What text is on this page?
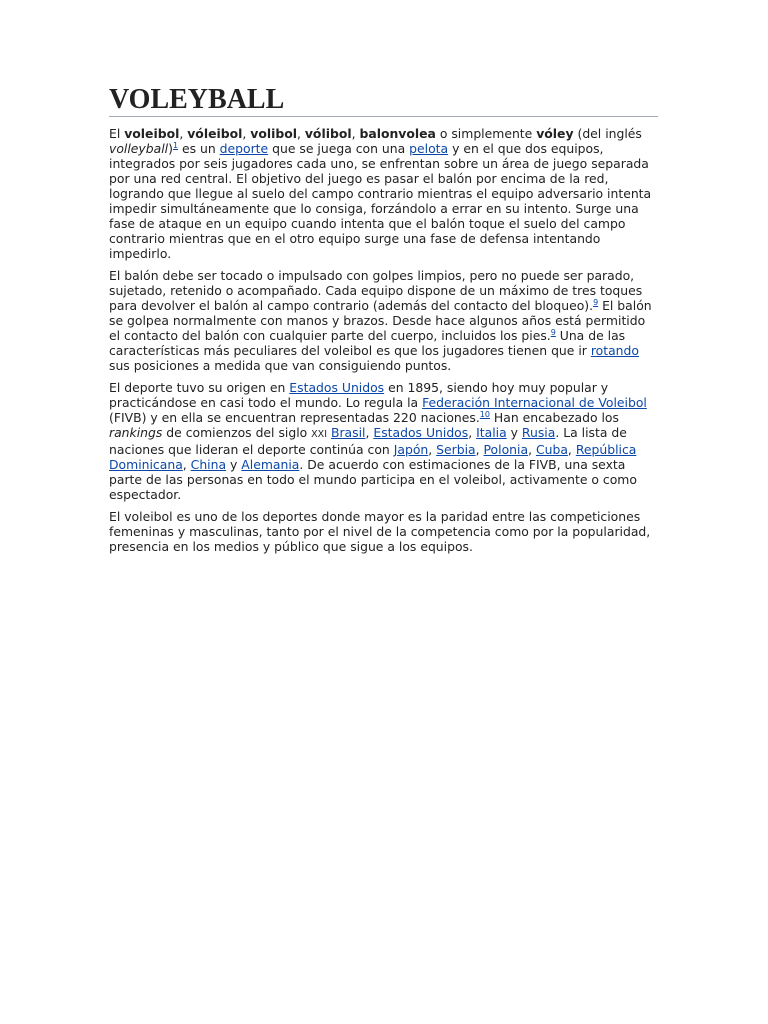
VOLEYBALL

El voleibol, vóleibol, volibol, vólibol, balonvolea o simplemente vóley (del inglés volleyball)$^1$ es un deporte que se juega con una pelota y en el que dos equipos, integrados por seis jugadores cada uno, se enfrentan sobre un área de juego separada por una red central. El objetivo del juego es pasar el balón por encima de la red, logrando que llegue al suelo del campo contrario mientras el equipo adversario intenta impedir simultáneamente que lo consiga, forzándolo a errar en su intento. Surge una fase de ataque en un equipo cuando intenta que el balón toque el suelo del campo contrario mientras que en el otro equipo surge una fase de defensa intentando impedirlo.

El balón debe ser tocado o impulsado con golpes limpios, pero no puede ser parado, sujetado, retenido o acompañado. Cada equipo dispone de un máximo de tres toques para devolver el balón al campo contrario (además del contacto del bloqueo).$^9$ El balón se golpea normalmente con manos y brazos. Desde hace algunos años está permitido el contacto del balón con cualquier parte del cuerpo, incluidos los pies.$^9$ Una de las características más peculiares del voleibol es que los jugadores tienen que ir rotando sus posiciones a medida que van consiguiendo puntos.

El deporte tuvo su origen en Estados Unidos en 1895, siendo hoy muy popular y practicándose en casi todo el mundo. Lo regula la Federación Internacional de Voleibol (FIVB) y en ella se encuentran representadas 220 naciones.$^{10}$ Han encabezado los rankings de comienzos del siglo XXI Brasil, Estados Unidos, Italia y Rusia. La lista de naciones que lideran el deporte continúa con Japón, Serbia, Polonia, Cuba, República Dominicana, China y Alemania. De acuerdo con estimaciones de la FIVB, una sexta parte de las personas en todo el mundo participa en el voleibol, activamente o como espectador.

El voleibol es uno de los deportes donde mayor es la paridad entre las competiciones femeninas y masculinas, tanto por el nivel de la competencia como por la popularidad, presencia en los medios y público que sigue a los equipos.
